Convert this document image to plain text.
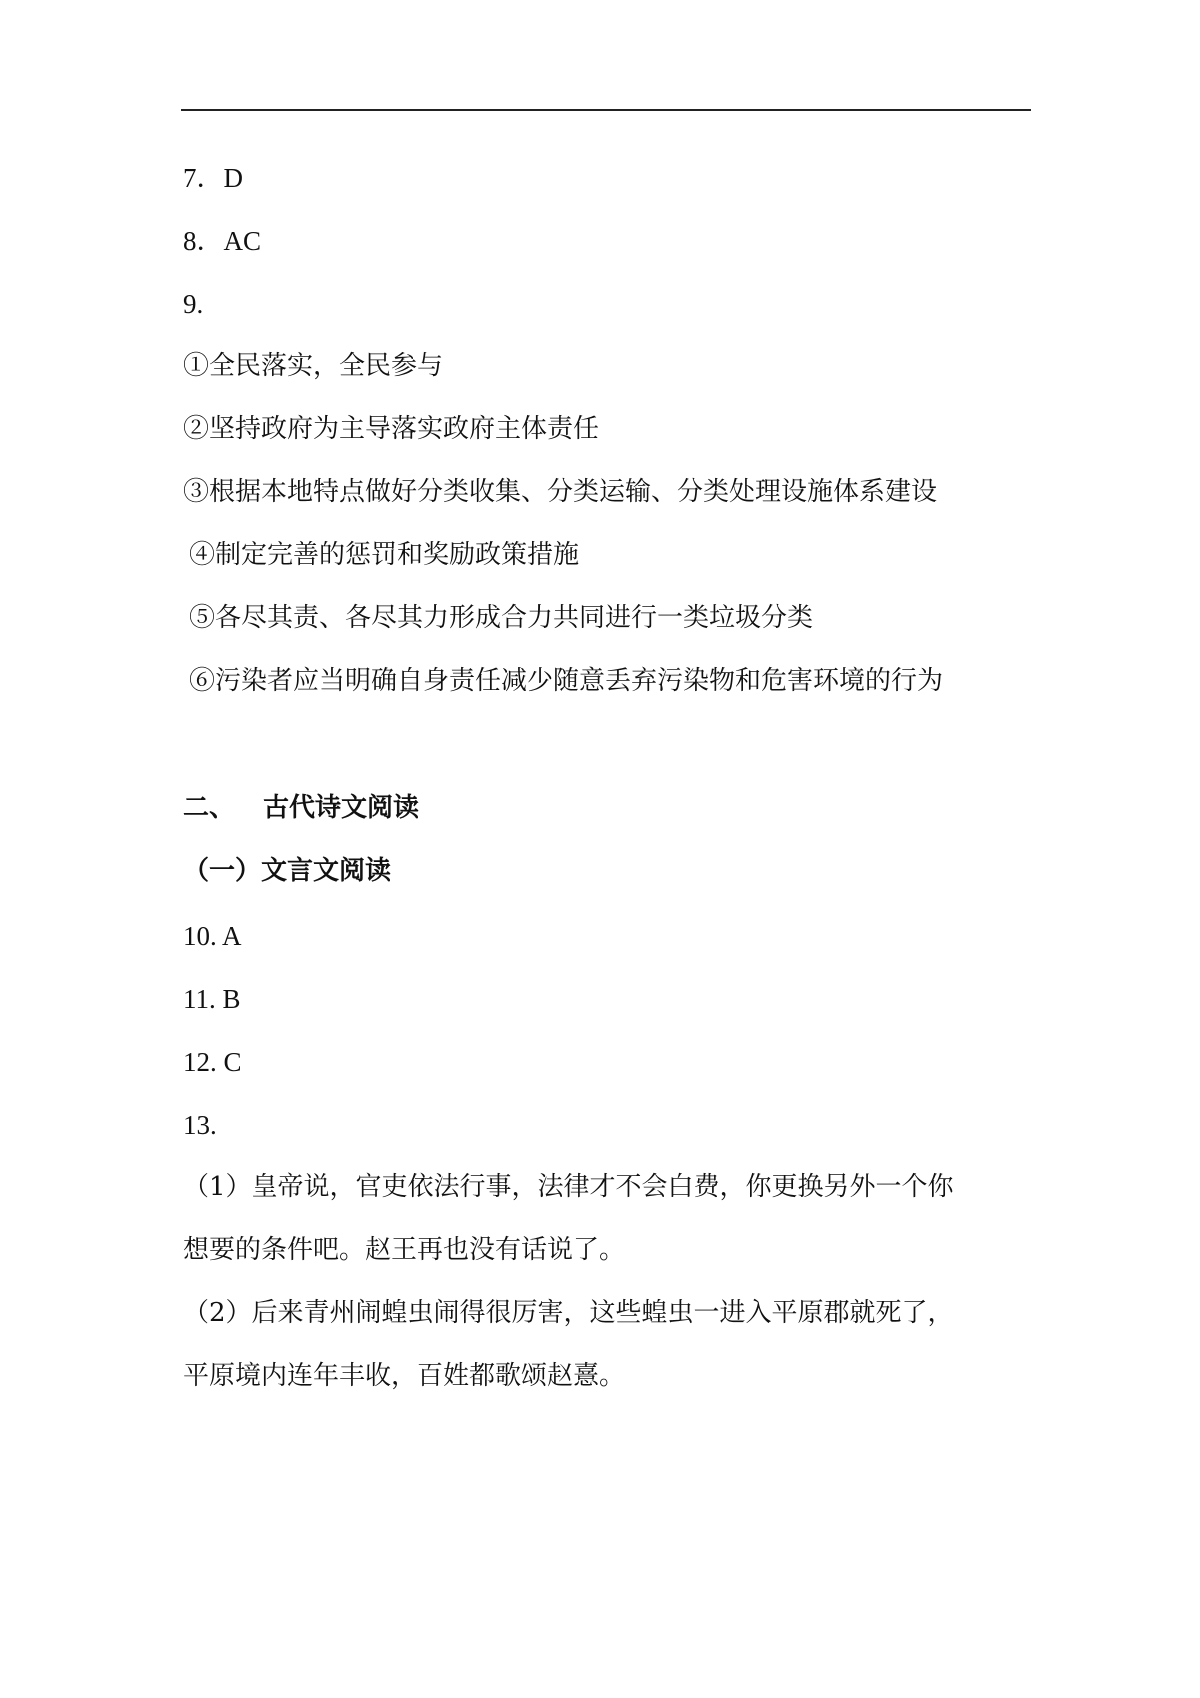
7．D
8．AC
9.
①全民落实，全民参与
②坚持政府为主导落实政府主体责任
③根据本地特点做好分类收集、分类运输、分类处理设施体系建设
④制定完善的惩罚和奖励政策措施
⑤各尽其责、各尽其力形成合力共同进行一类垃圾分类
⑥污染者应当明确自身责任减少随意丢弃污染物和危害环境的行为
二、 古代诗文阅读
（一）文言文阅读
10. A
11. B
12. C
13.
（1）皇帝说，官吏依法行事，法律才不会白费，你更换另外一个你
想要的条件吧。赵王再也没有话说了。
（2）后来青州闹蝗虫闹得很厉害，这些蝗虫一进入平原郡就死了，
平原境内连年丰收，百姓都歌颂赵憙。
